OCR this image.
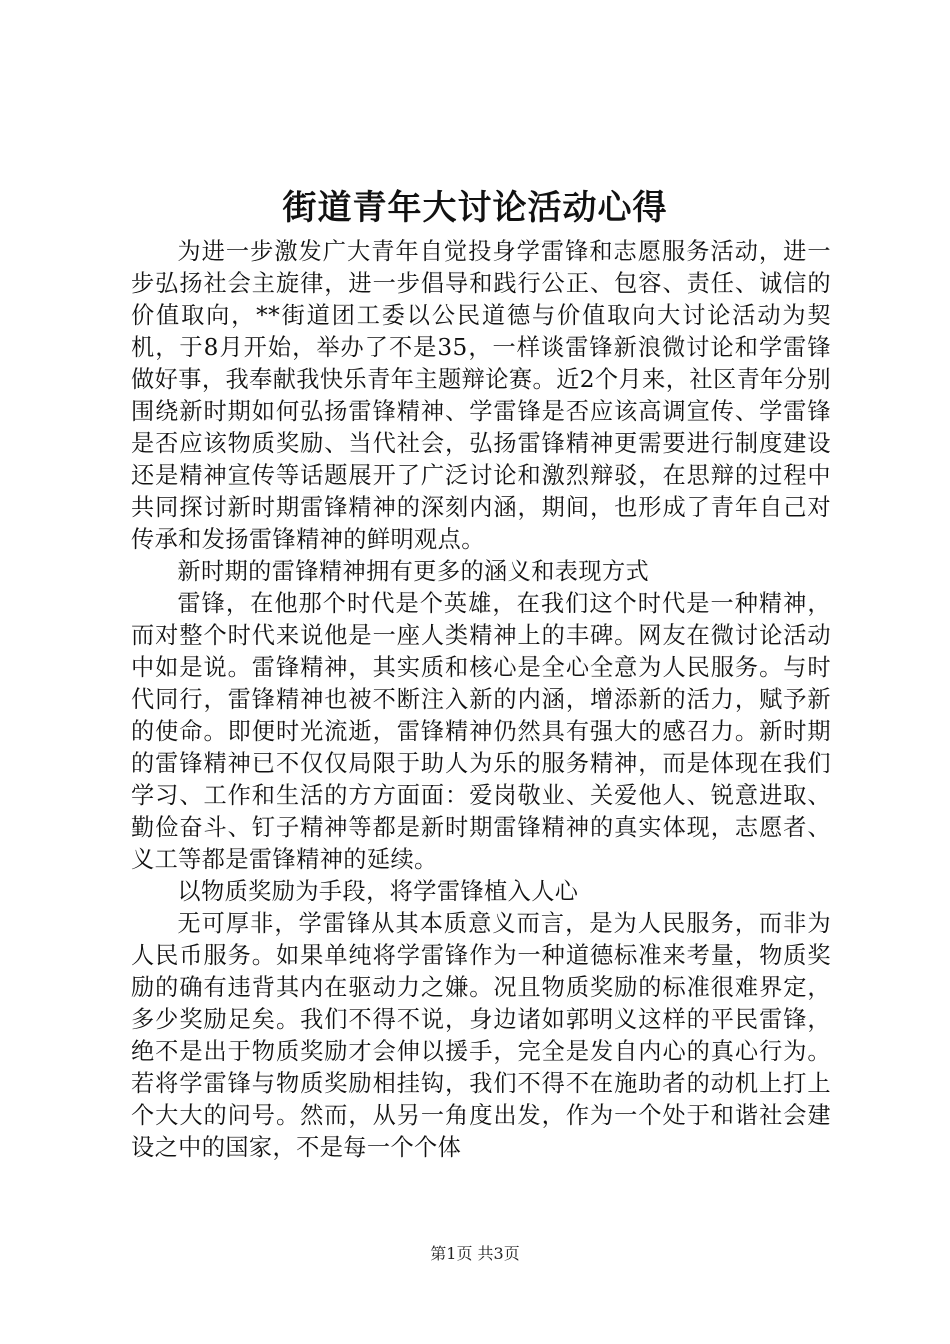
街道青年大讨论活动心得

为进一步激发广大青年自觉投身学雷锋和志愿服务活动，进一步弘扬社会主旋律，进一步倡导和践行公正、包容、责任、诚信的价值取向，**街道团工委以公民道德与价值取向大讨论活动为契机，于8月开始，举办了不是35，一样谈雷锋新浪微讨论和学雷锋做好事，我奉献我快乐青年主题辩论赛。近2个月来，社区青年分别围绕新时期如何弘扬雷锋精神、学雷锋是否应该高调宣传、学雷锋是否应该物质奖励、当代社会，弘扬雷锋精神更需要进行制度建设还是精神宣传等话题展开了广泛讨论和激烈辩驳，在思辩的过程中共同探讨新时期雷锋精神的深刻内涵，期间，也形成了青年自己对传承和发扬雷锋精神的鲜明观点。

新时期的雷锋精神拥有更多的涵义和表现方式

雷锋，在他那个时代是个英雄，在我们这个时代是一种精神，而对整个时代来说他是一座人类精神上的丰碑。网友在微讨论活动中如是说。雷锋精神，其实质和核心是全心全意为人民服务。与时代同行，雷锋精神也被不断注入新的内涵，增添新的活力，赋予新的使命。即便时光流逝，雷锋精神仍然具有强大的感召力。新时期的雷锋精神已不仅仅局限于助人为乐的服务精神，而是体现在我们学习、工作和生活的方方面面：爱岗敬业、关爱他人、锐意进取、勤俭奋斗、钉子精神等都是新时期雷锋精神的真实体现，志愿者、义工等都是雷锋精神的延续。

以物质奖励为手段，将学雷锋植入人心

无可厚非，学雷锋从其本质意义而言，是为人民服务，而非为人民币服务。如果单纯将学雷锋作为一种道德标准来考量，物质奖励的确有违背其内在驱动力之嫌。况且物质奖励的标准很难界定，多少奖励足矣。我们不得不说，身边诸如郭明义这样的平民雷锋，绝不是出于物质奖励才会伸以援手，完全是发自内心的真心行为。若将学雷锋与物质奖励相挂钩，我们不得不在施助者的动机上打上个大大的问号。然而，从另一角度出发，作为一个处于和谐社会建设之中的国家，不是每一个个体

第1页 共3页
